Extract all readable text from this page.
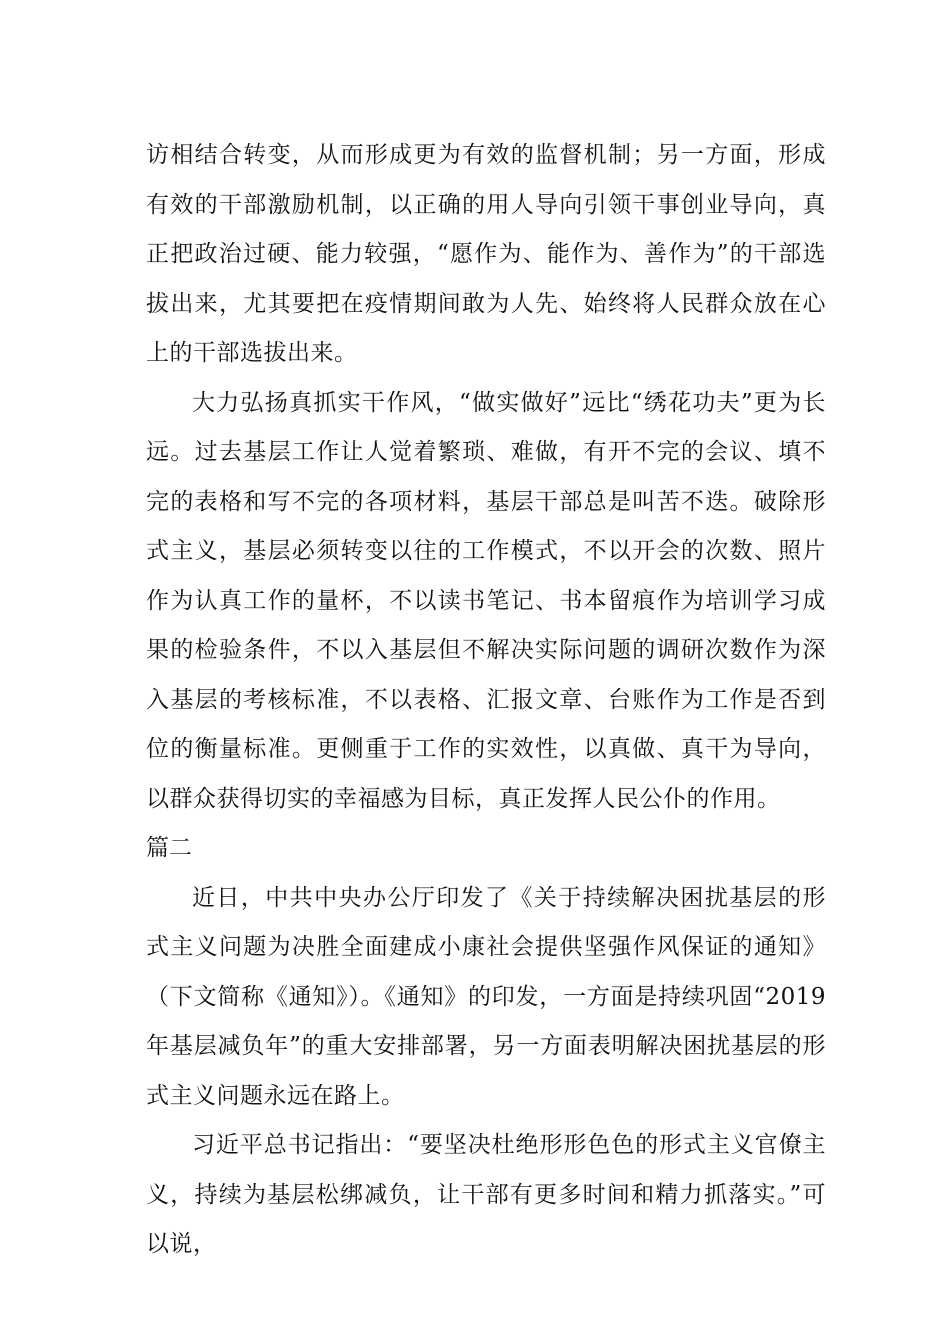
访相结合转变，从而形成更为有效的监督机制；另一方面，形成有效的干部激励机制，以正确的用人导向引领干事创业导向，真正把政治过硬、能力较强，“愿作为、能作为、善作为”的干部选拔出来，尤其要把在疫情期间敢为人先、始终将人民群众放在心上的干部选拔出来。

大力弘扬真抓实干作风，“做实做好”远比“绣花功夫”更为长远。过去基层工作让人觉着繁琐、难做，有开不完的会议、填不完的表格和写不完的各项材料，基层干部总是叫苦不迭。破除形式主义，基层必须转变以往的工作模式，不以开会的次数、照片作为认真工作的量杯，不以读书笔记、书本留痕作为培训学习成果的检验条件，不以入基层但不解决实际问题的调研次数作为深入基层的考核标准，不以表格、汇报文章、台账作为工作是否到位的衡量标准。更侧重于工作的实效性，以真做、真干为导向，以群众获得切实的幸福感为目标，真正发挥人民公仆的作用。

篇二

近日，中共中央办公厅印发了《关于持续解决困扰基层的形式主义问题为决胜全面建成小康社会提供坚强作风保证的通知》（下文简称《通知》）。《通知》的印发，一方面是持续巩固“2019年基层减负年”的重大安排部署，另一方面表明解决困扰基层的形式主义问题永远在路上。

习近平总书记指出：“要坚决杜绝形形色色的形式主义官僚主义，持续为基层松绑减负，让干部有更多时间和精力抓落实。”可以说，
